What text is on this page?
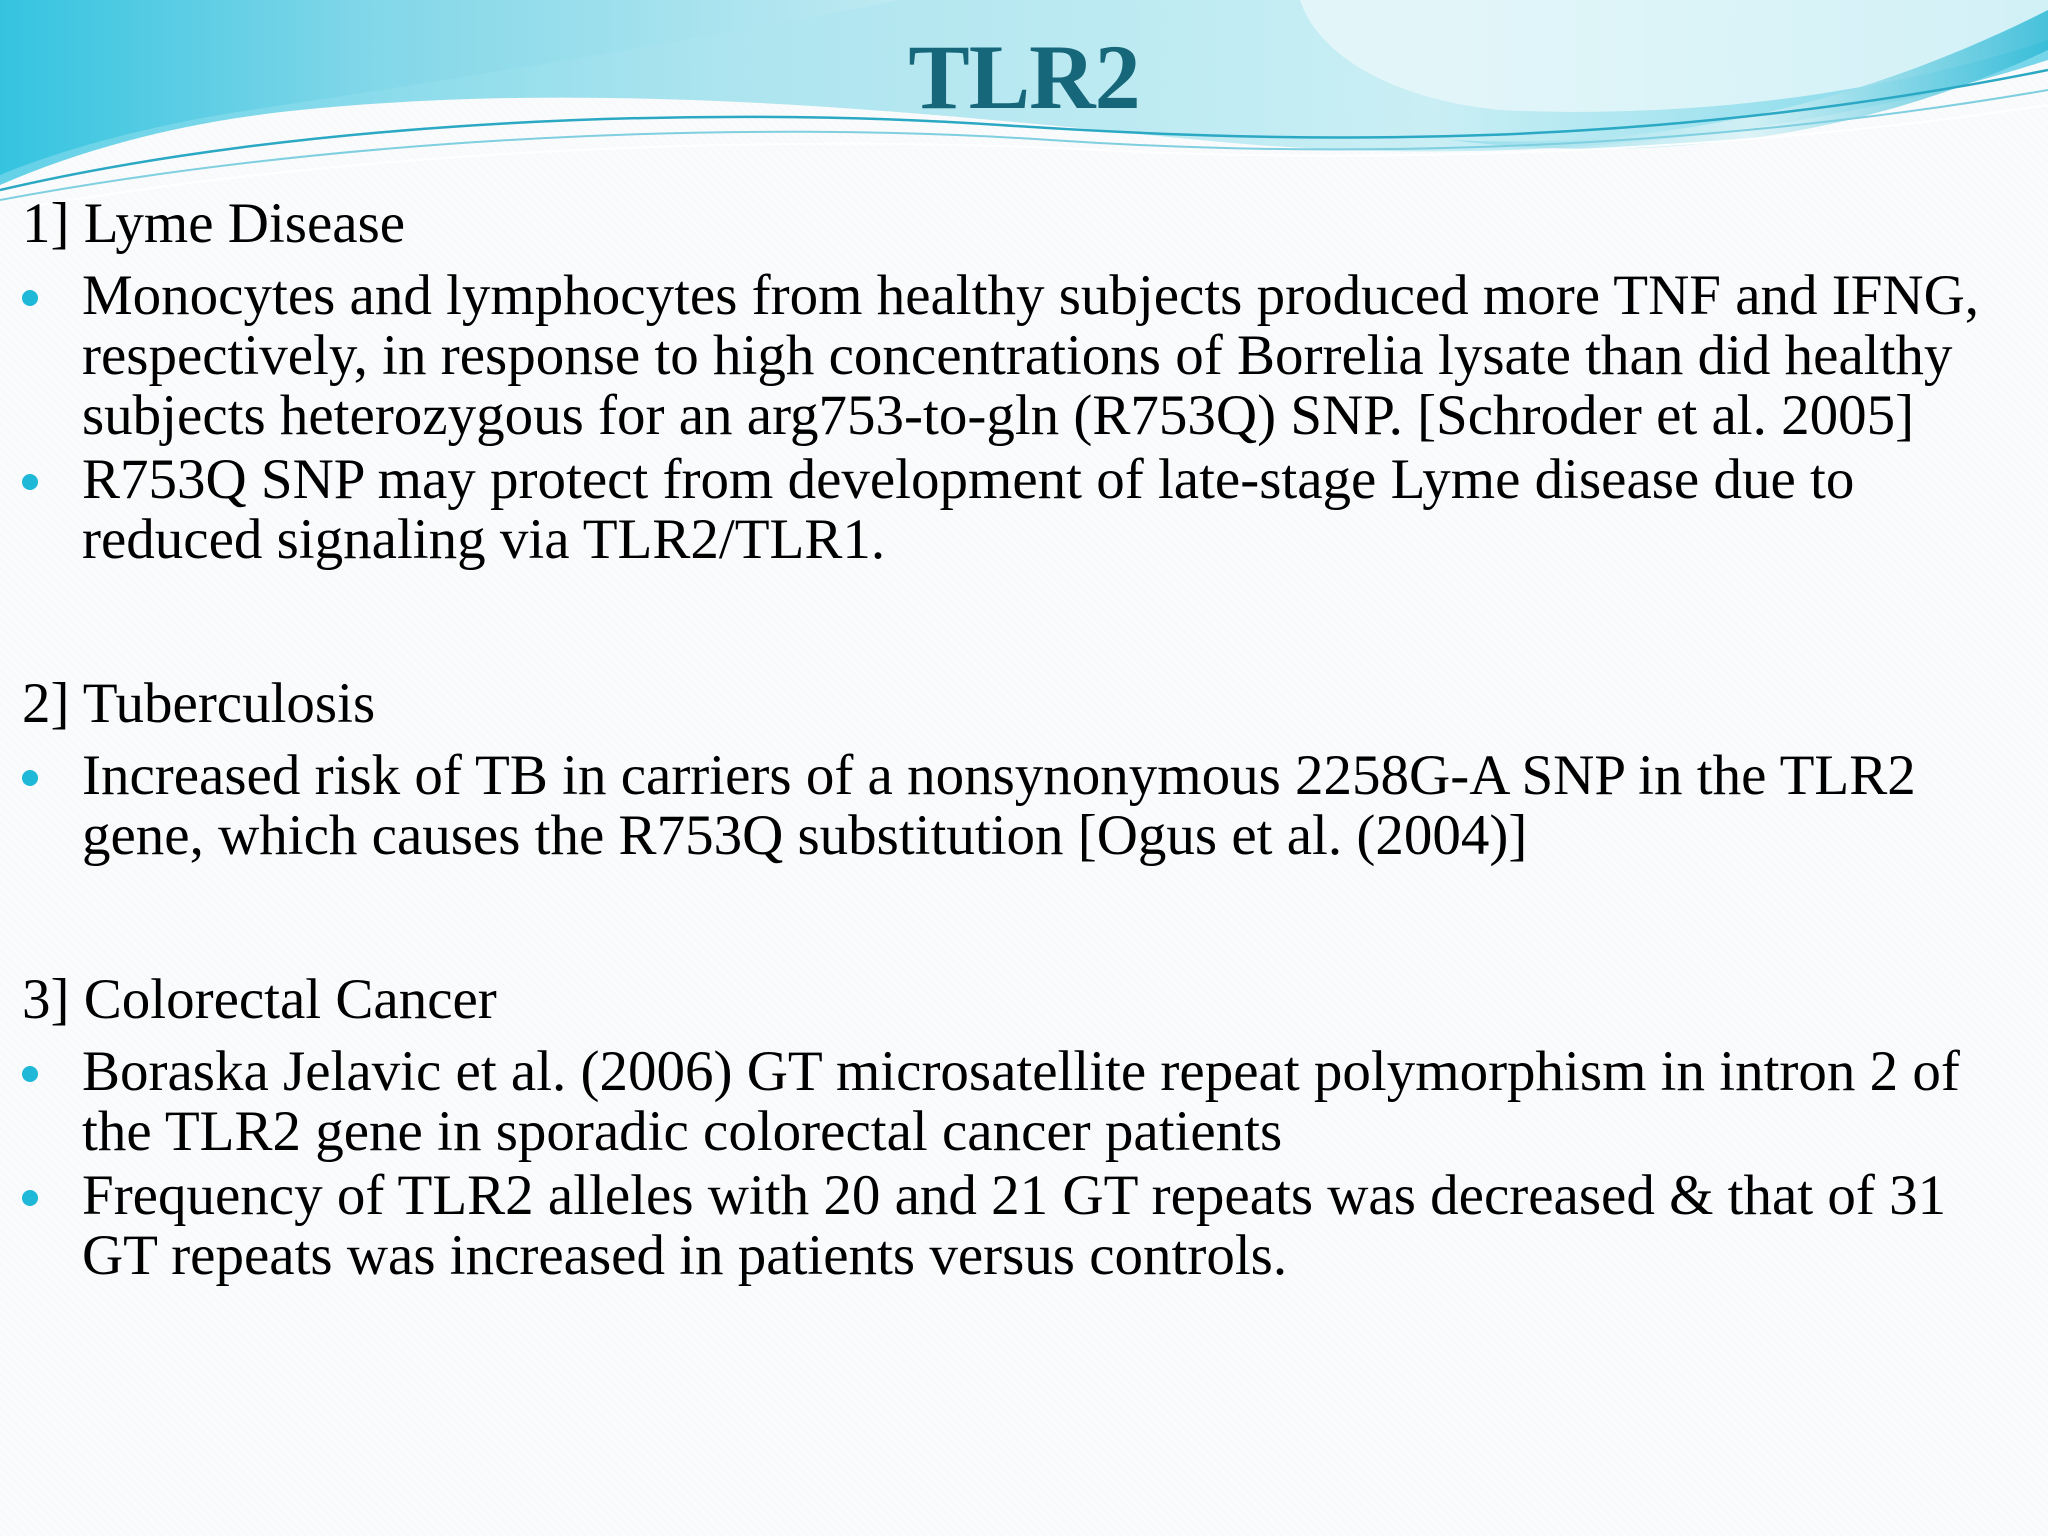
TLR2
1] Lyme Disease
Monocytes and lymphocytes from healthy subjects produced more TNF and IFNG, respectively, in response to high concentrations of Borrelia lysate than did healthy subjects heterozygous for an arg753-to-gln (R753Q) SNP. [Schroder et al. 2005]
R753Q SNP may protect from development of late-stage Lyme disease due to reduced signaling via TLR2/TLR1.
2] Tuberculosis
Increased risk of TB in carriers of a nonsynonymous 2258G-A SNP in the TLR2 gene, which causes the R753Q substitution [Ogus et al. (2004)]
3] Colorectal Cancer
Boraska Jelavic et al. (2006) GT microsatellite repeat polymorphism in intron 2 of the TLR2 gene in sporadic colorectal cancer patients
Frequency of TLR2 alleles with 20 and 21 GT repeats was decreased & that of 31 GT repeats was increased in patients versus controls.
